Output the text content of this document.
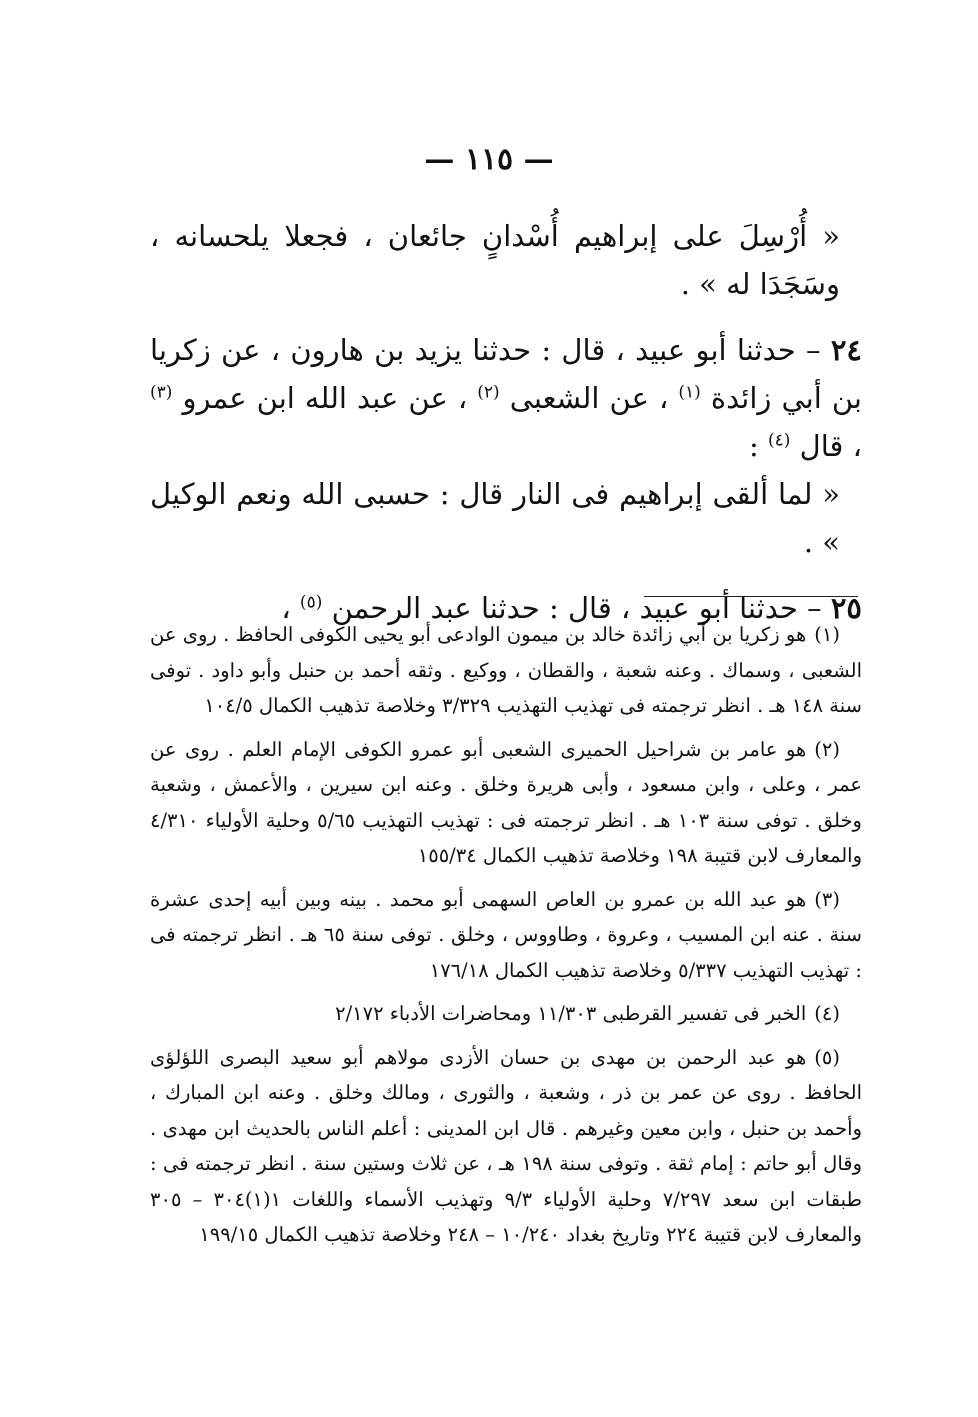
— ١١٥ —

« أُرْسِلَ على إبراهيم أُسْدانٍ جائعان ، فجعلا يلحسانه ، وسَجَدَا له » .

٢٤ – حدثنا أبو عبيد ، قال : حدثنا يزيد بن هارون ، عن زكريا بن أبي زائدة $^{(١)}$ ، عن الشعبى $^{(٢)}$ ، عن عبد الله ابن عمرو $^{(٣)}$ ، قال $^{(٤)}$ :

« لما ألقى إبراهيم فى النار قال : حسبى الله ونعم الوكيل » .

٢٥ – حدثنا أبو عبيد ، قال : حدثنا عبد الرحمن $^{(٥)}$ ،

(١)هو زكريا بن أبي زائدة خالد بن ميمون الوادعى أبو يحيى الكوفى الحافظ . روى عن الشعبى ، وسماك . وعنه شعبة ، والقطان ، ووكيع . وثقه أحمد بن حنبل وأبو داود . توفى سنة ١٤٨ هـ . انظر ترجمته فى تهذيب التهذيب ٣/٣٢٩ وخلاصة تذهيب الكمال ١٠٤/٥

(٢)هو عامر بن شراحيل الحميرى الشعبى أبو عمرو الكوفى الإمام العلم . روى عن عمر ، وعلى ، وابن مسعود ، وأبى هريرة وخلق . وعنه ابن سيرين ، والأعمش ، وشعبة وخلق . توفى سنة ١٠٣ هـ . انظر ترجمته فى : تهذيب التهذيب ٥/٦٥ وحلية الأولياء ٤/٣١٠ والمعارف لابن قتيبة ١٩٨ وخلاصة تذهيب الكمال ١٥٥/٣٤

(٣)هو عبد الله بن عمرو بن العاص السهمى أبو محمد . بينه وبين أبيه إحدى عشرة سنة . عنه ابن المسيب ، وعروة ، وطاووس ، وخلق . توفى سنة ٦٥ هـ . انظر ترجمته فى : تهذيب التهذيب ٥/٣٣٧ وخلاصة تذهيب الكمال ١٧٦/١٨

(٤)الخبر فى تفسير القرطبى ١١/٣٠٣ ومحاضرات الأدباء ٢/١٧٢

(٥)هو عبد الرحمن بن مهدى بن حسان الأزدى مولاهم أبو سعيد البصرى اللؤلؤى الحافظ . روى عن عمر بن ذر ، وشعبة ، والثورى ، ومالك وخلق . وعنه ابن المبارك ، وأحمد بن حنبل ، وابن معين وغيرهم . قال ابن المدينى : أعلم الناس بالحديث ابن مهدى . وقال أبو حاتم : إمام ثقة . وتوفى سنة ١٩٨ هـ ، عن ثلاث وستين سنة . انظر ترجمته فى : طبقات ابن سعد ٧/٢٩٧ وحلية الأولياء ٩/٣ وتهذيب الأسماء واللغات ١(١)٣٠٤ – ٣٠٥ والمعارف لابن قتيبة ٢٢٤ وتاريخ بغداد ١٠/٢٤٠ – ٢٤٨ وخلاصة تذهيب الكمال ١٩٩/١٥
